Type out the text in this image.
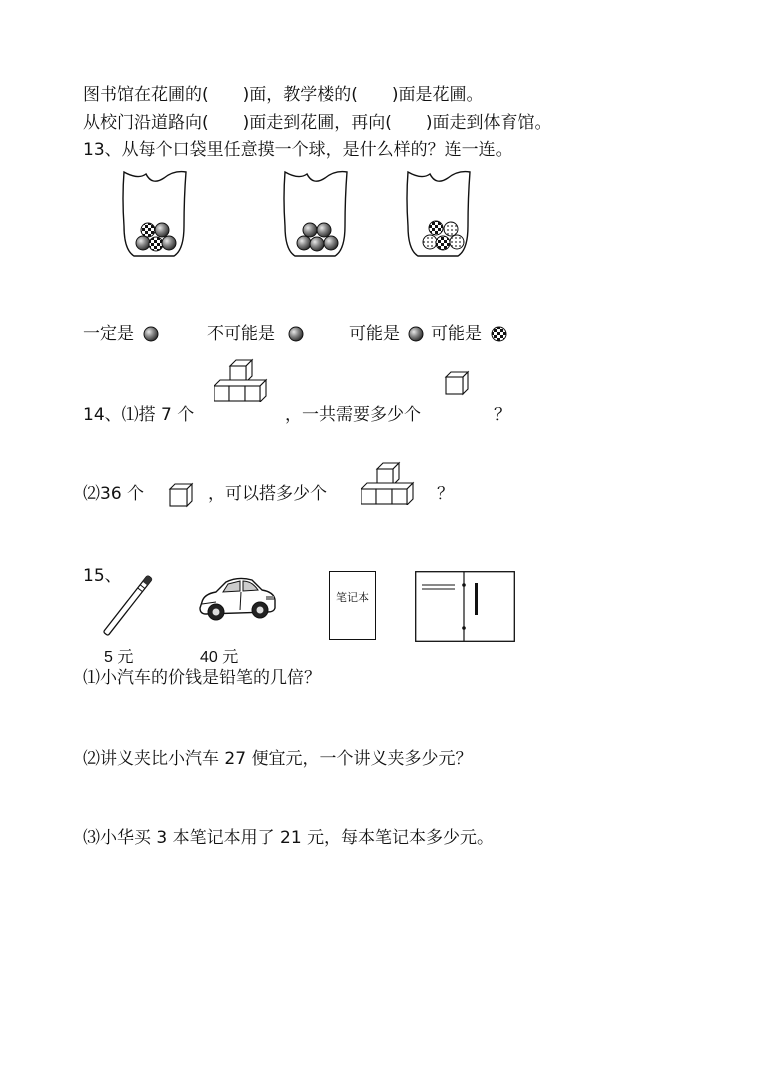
图书馆在花圃的(　　)面，教学楼的(　　)面是花圃。
从校门沿道路向(　　)面走到花圃，再向(　　)面走到体育馆。
13、从每个口袋里任意摸一个球，是什么样的？连一连。
一定是	不可能是	可能是 可能是
14、⑴搭 7 个	，一共需要多少个	？
⑵36 个	，可以搭多少个	？
15、
5 元	40 元
笔记本
⑴小汽车的价钱是铅笔的几倍？
⑵讲义夹比小汽车 27 便宜元，一个讲义夹多少元？
⑶小华买 3 本笔记本用了 21 元，每本笔记本多少元。
